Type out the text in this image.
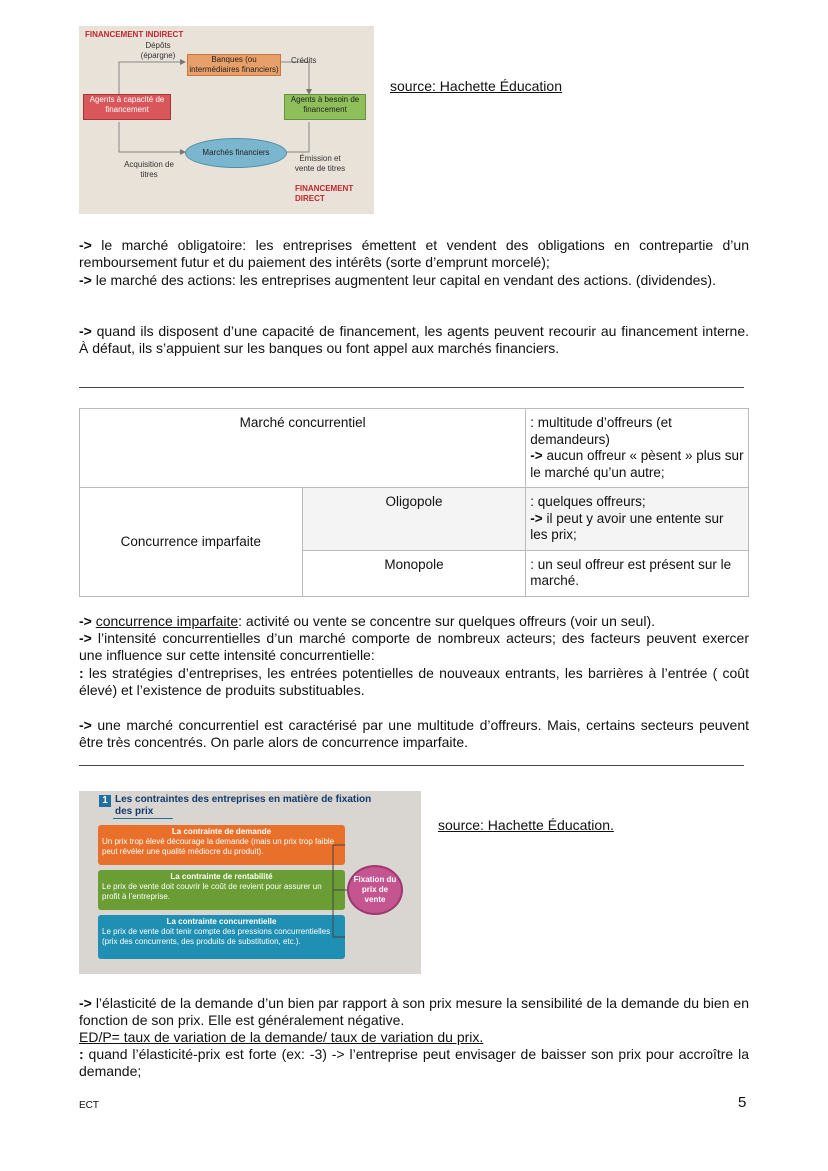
FINANCEMENT INDIRECT
Dépôts (épargne)	Banques (ou intermédiaires financiers)
Crédits
Agents à capacité de financement
Agents à besoin de financement
Marchés financiers
Acquisition de titres
Émission et vente de titres
FINANCEMENT DIRECT
source: Hachette Éducation
-> le marché obligatoire: les entreprises émettent et vendent des obligations en contrepartie d’un remboursement futur et du paiement des intérêts (sorte d’emprunt morcelé);
-> le marché des actions: les entreprises augmentent leur capital en vendant des actions. (dividendes).
-> quand ils disposent d’une capacité de financement, les agents peuvent recourir au financement interne. À défaut, ils s’appuient sur les banques ou font appel aux marchés financiers.
Marché concurrentiel		: multitude d’offreurs (et demandeurs)
-> aucun offreur « pèsent » plus sur le marché qu’un autre;
Concurrence imparfaite	Oligopole	: quelques offreurs;
-> il peut y avoir une entente sur les prix;
	Monopole	: un seul offreur est présent sur le marché.
-> concurrence imparfaite: activité ou vente se concentre sur quelques offreurs (voir un seul).
-> l’intensité concurrentielles d’un marché comporte de nombreux acteurs; des facteurs peuvent exercer une influence sur cette intensité concurrentielle:
: les stratégies d’entreprises, les entrées potentielles de nouveaux entrants, les barrières à l’entrée ( coût élevé) et l’existence de produits substituables.
-> une marché concurrentiel est caractérisé par une multitude d’offreurs. Mais, certains secteurs peuvent être très concentrés. On parle alors de concurrence imparfaite.
1 Les contraintes des entreprises en matière de fixation des prix
La contrainte de demande
Un prix trop élevé décourage la demande (mais un prix trop faible peut révéler une qualité médiocre du produit).
La contrainte de rentabilité
Le prix de vente doit couvrir le coût de revient pour assurer un profit à l’entreprise.
La contrainte concurrentielle
Le prix de vente doit tenir compte des pressions concurrentielles (prix des concurrents, des produits de substitution, etc.).
Fixation du prix de vente
source: Hachette Éducation.
-> l’élasticité de la demande d’un bien par rapport à son prix mesure la sensibilité de la demande du bien en fonction de son prix. Elle est généralement négative.
ED/P= taux de variation de la demande/ taux de variation du prix.
: quand l’élasticité-prix est forte (ex: -3) -> l’entreprise peut envisager de baisser son prix pour accroître la demande;
ECT	5
